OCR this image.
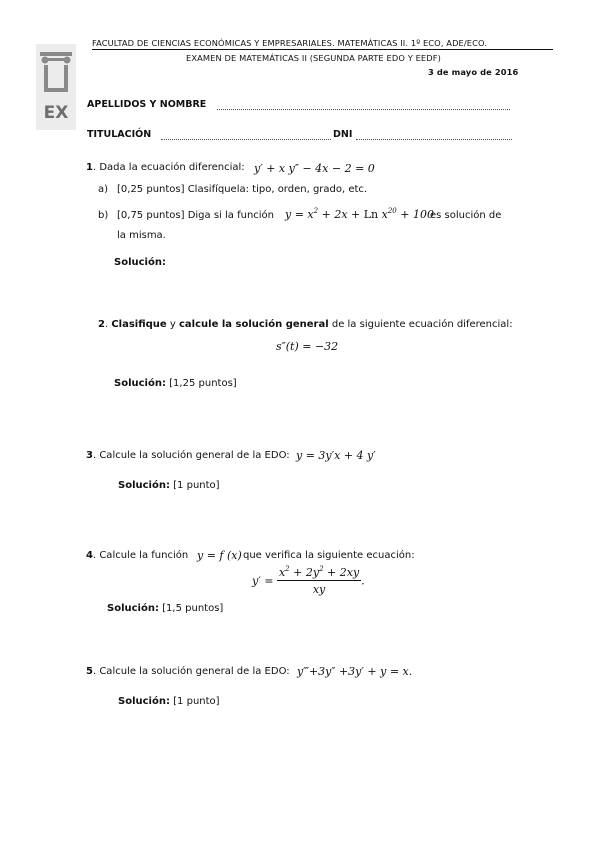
EX
FACULTAD DE CIENCIAS ECONÓMICAS Y EMPRESARIALES. MATEMÁTICAS II. 1º ECO, ADE/ECO.
EXAMEN DE MATEMÁTICAS II (SEGUNDA PARTE EDO Y EEDF)
3 de mayo de 2016
APELLIDOS Y NOMBRE
TITULACIÓN	DNI
1. Dada la ecuación diferencial: y′ + x y″ − 4x − 2 = 0
a) [0,25 puntos] Clasifíquela: tipo, orden, grado, etc.
b) [0,75 puntos] Diga si la función $y = x^2 + 2x + Ln$ $x^{20} + 100$
es solución de
la misma.
Solución:
2. Clasifique y calcule la solución general de la siguiente ecuación diferencial:
s″(t) = −32
Solución: [1,25 puntos]
3. Calcule la solución general de la EDO: y = 3y′x + 4 y′
Solución: [1 punto]
4. Calcule la función y = f (x) que verifica la siguiente ecuación:
$y' = \frac{x^2 + 2y^2 + 2xy}{xy}$ .
Solución: [1,5 puntos]
5. Calcule la solución general de la EDO: y‴+3y″ +3y′ + y = x.
Solución: [1 punto]
